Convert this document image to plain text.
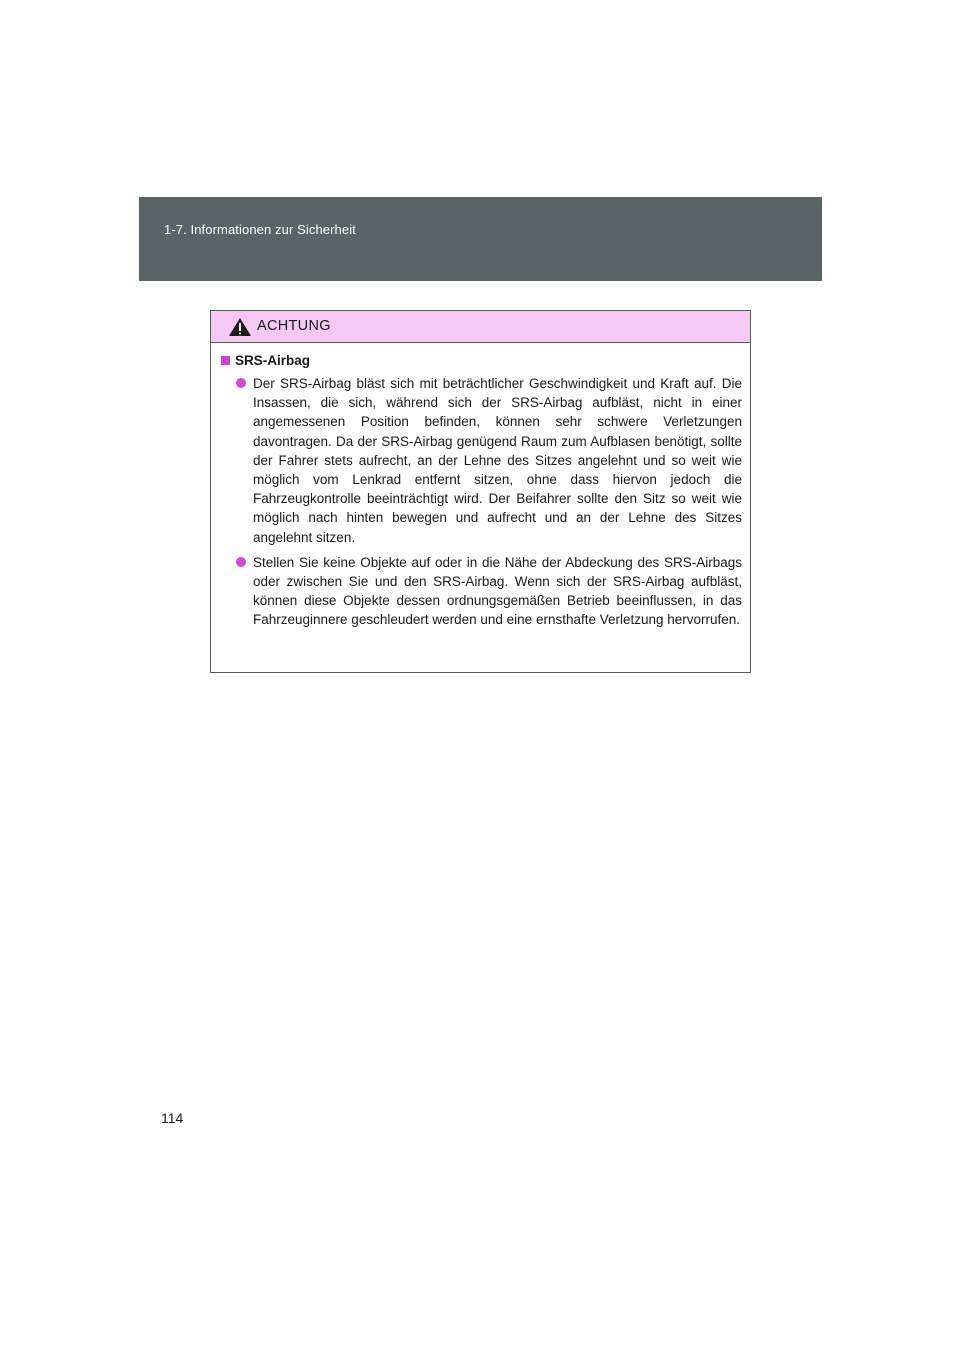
1-7. Informationen zur Sicherheit
ACHTUNG
SRS-Airbag
Der SRS-Airbag bläst sich mit beträchtlicher Geschwindigkeit und Kraft auf. Die Insassen, die sich, während sich der SRS-Airbag aufbläst, nicht in einer angemessenen Position befinden, können sehr schwere Verletzungen davontragen. Da der SRS-Airbag genügend Raum zum Aufblasen benötigt, sollte der Fahrer stets aufrecht, an der Lehne des Sitzes angelehnt und so weit wie möglich vom Lenkrad entfernt sitzen, ohne dass hiervon jedoch die Fahrzeugkontrolle beeinträchtigt wird. Der Beifahrer sollte den Sitz so weit wie möglich nach hinten bewegen und aufrecht und an der Lehne des Sitzes angelehnt sitzen.
Stellen Sie keine Objekte auf oder in die Nähe der Abdeckung des SRS-Airbags oder zwischen Sie und den SRS-Airbag. Wenn sich der SRS-Airbag aufbläst, können diese Objekte dessen ordnungsgemäßen Betrieb beeinflussen, in das Fahrzeuginnere geschleudert werden und eine ernsthafte Verletzung hervorrufen.
114
